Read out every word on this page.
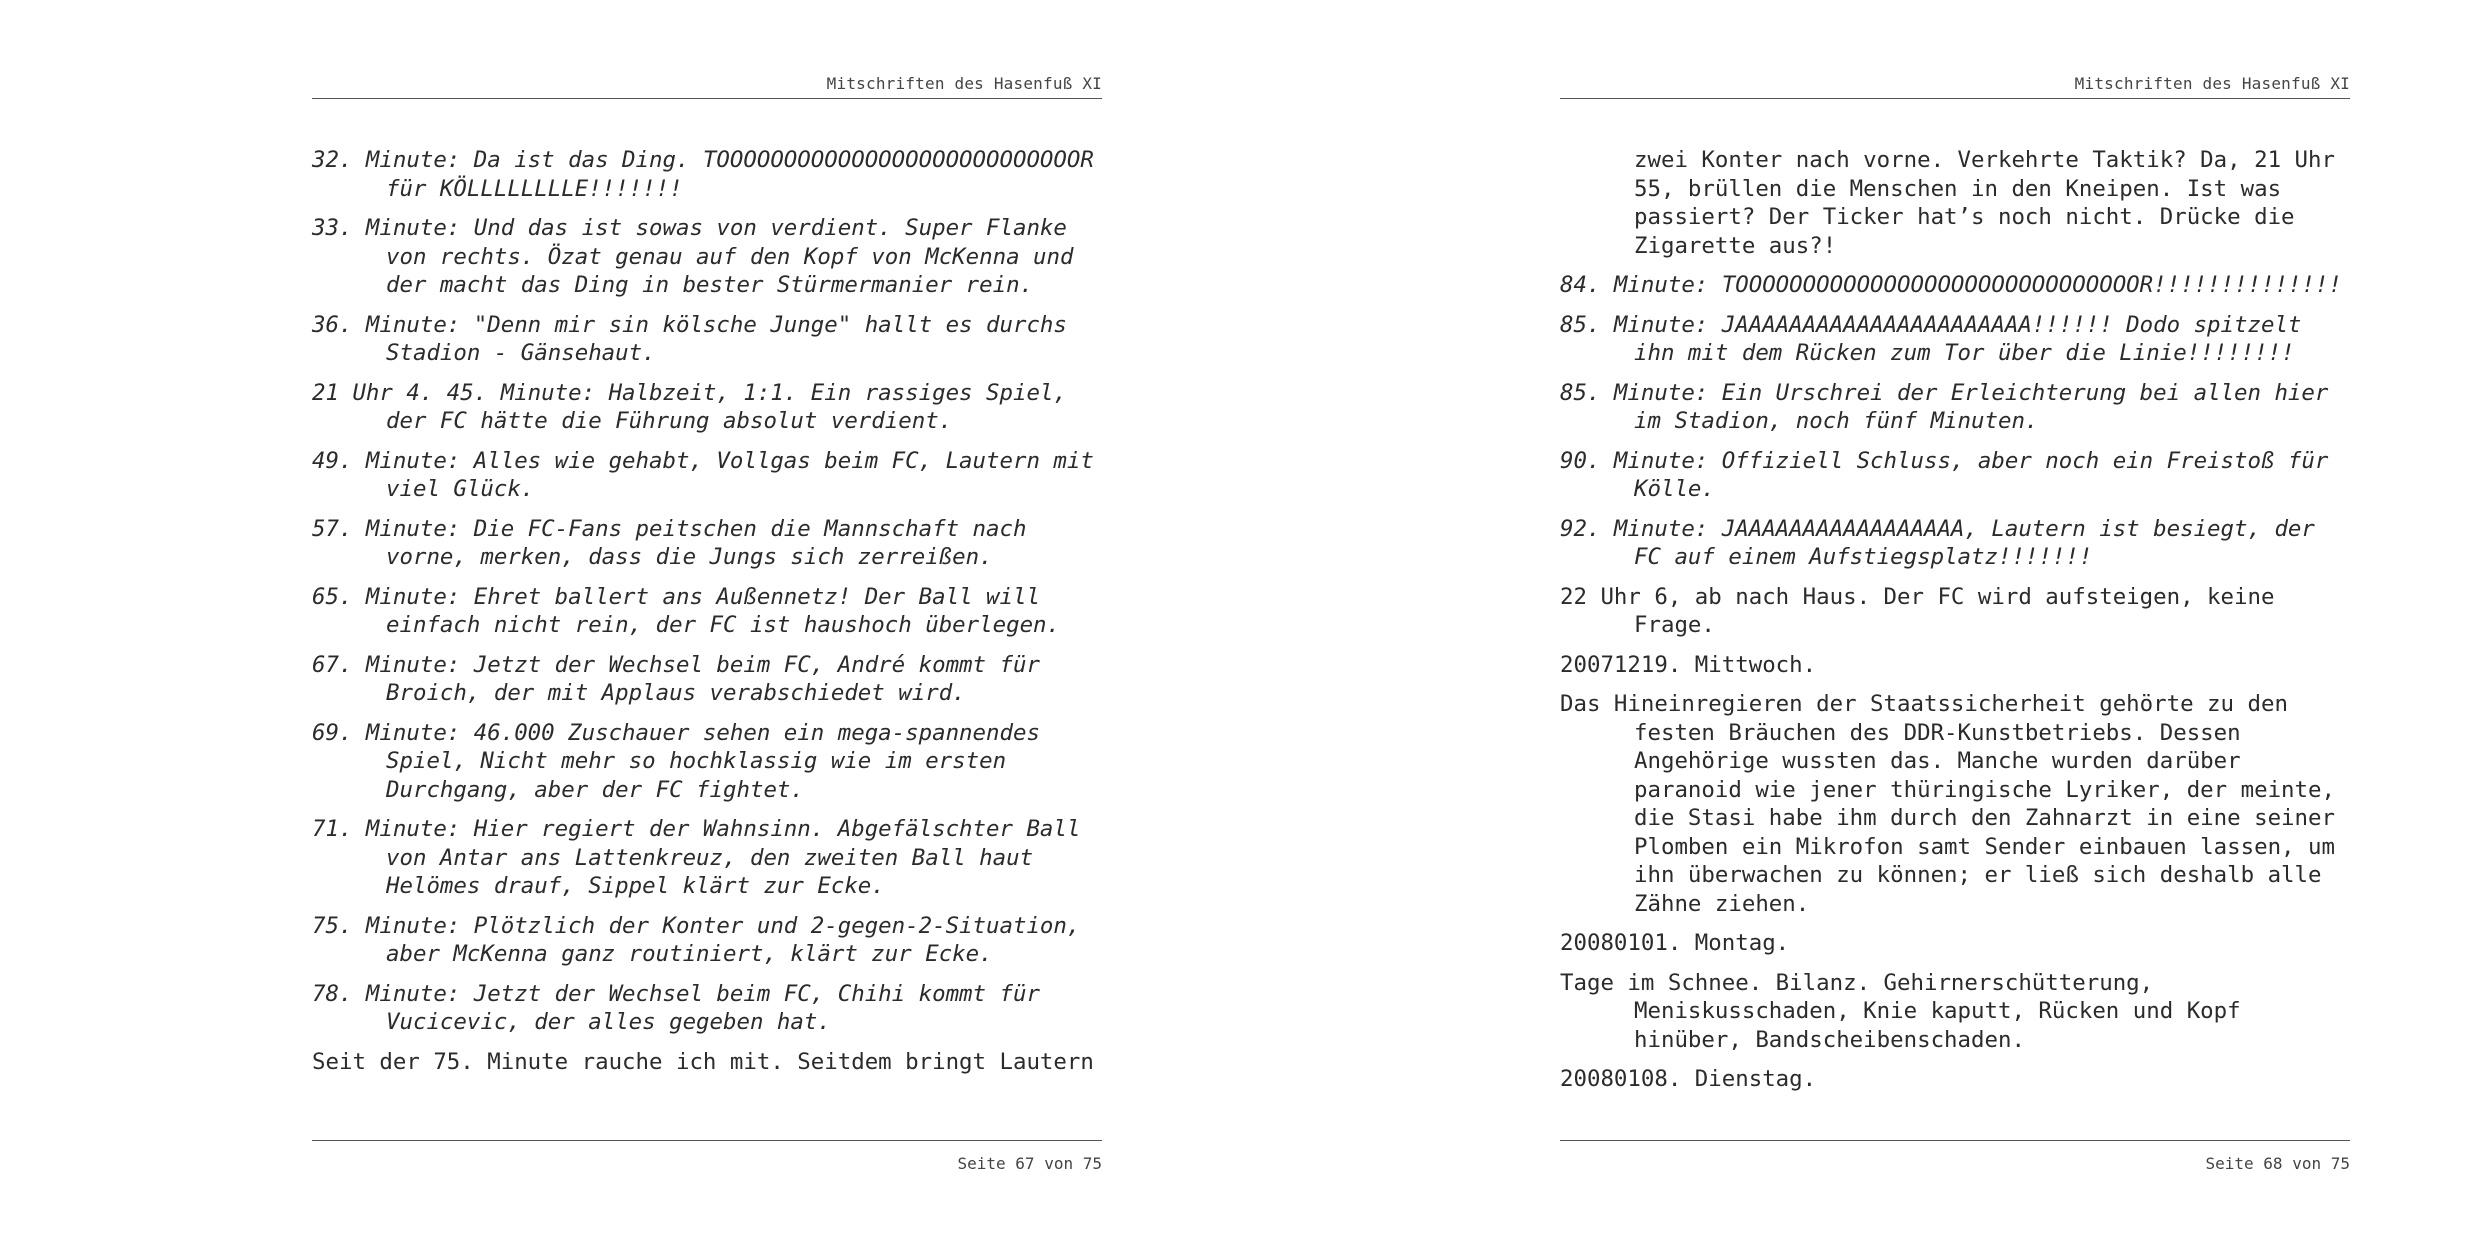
Mitschriften des Hasenfuß XI

32. Minute: Da ist das Ding. TOOOOOOOOOOOOOOOOOOOOOOOOOOOR für KÖLLLLLLLLE!!!!!!!

33. Minute: Und das ist sowas von verdient. Super Flanke von rechts. Özat genau auf den Kopf von McKenna und der macht das Ding in bester Stürmermanier rein.

36. Minute: "Denn mir sin kölsche Junge" hallt es durchs Stadion - Gänsehaut.

21 Uhr 4. 45. Minute: Halbzeit, 1:1. Ein rassiges Spiel, der FC hätte die Führung absolut verdient.

49. Minute: Alles wie gehabt, Vollgas beim FC, Lautern mit viel Glück.

57. Minute: Die FC-Fans peitschen die Mannschaft nach vorne, merken, dass die Jungs sich zerreißen.

65. Minute: Ehret ballert ans Außennetz! Der Ball will einfach nicht rein, der FC ist haushoch überlegen.

67. Minute: Jetzt der Wechsel beim FC, André kommt für Broich, der mit Applaus verabschiedet wird.

69. Minute: 46.000 Zuschauer sehen ein mega-spannendes Spiel, Nicht mehr so hochklassig wie im ersten Durchgang, aber der FC fightet.

71. Minute: Hier regiert der Wahnsinn. Abgefälschter Ball von Antar ans Lattenkreuz, den zweiten Ball haut Helömes drauf, Sippel klärt zur Ecke.

75. Minute: Plötzlich der Konter und 2-gegen-2-Situation, aber McKenna ganz routiniert, klärt zur Ecke.

78. Minute: Jetzt der Wechsel beim FC, Chihi kommt für Vucicevic, der alles gegeben hat.

Seit der 75. Minute rauche ich mit. Seitdem bringt Lautern

Seite 67 von 75
Mitschriften des Hasenfuß XI

zwei Konter nach vorne. Verkehrte Taktik? Da, 21 Uhr 55, brüllen die Menschen in den Kneipen. Ist was passiert? Der Ticker hat’s noch nicht. Drücke die Zigarette aus?!

84. Minute: TOOOOOOOOOOOOOOOOOOOOOOOOOOOOOOR!!!!!!!!!!!!!!

85. Minute: JAAAAAAAAAAAAAAAAAAAAAA!!!!!! Dodo spitzelt ihn mit dem Rücken zum Tor über die Linie!!!!!!!!

85. Minute: Ein Urschrei der Erleichterung bei allen hier im Stadion, noch fünf Minuten.

90. Minute: Offiziell Schluss, aber noch ein Freistoß für Kölle.

92. Minute: JAAAAAAAAAAAAAAAAA, Lautern ist besiegt, der FC auf einem Aufstiegsplatz!!!!!!!

22 Uhr 6, ab nach Haus. Der FC wird aufsteigen, keine Frage.

20071219. Mittwoch.

Das Hineinregieren der Staatssicherheit gehörte zu den festen Bräuchen des DDR-Kunstbetriebs. Dessen Angehörige wussten das. Manche wurden darüber paranoid wie jener thüringische Lyriker, der meinte, die Stasi habe ihm durch den Zahnarzt in eine seiner Plomben ein Mikrofon samt Sender einbauen lassen, um ihn überwachen zu können; er ließ sich deshalb alle Zähne ziehen.

20080101. Montag.

Tage im Schnee. Bilanz. Gehirnerschütterung, Meniskusschaden, Knie kaputt, Rücken und Kopf hinüber, Bandscheibenschaden.

20080108. Dienstag.

Seite 68 von 75
